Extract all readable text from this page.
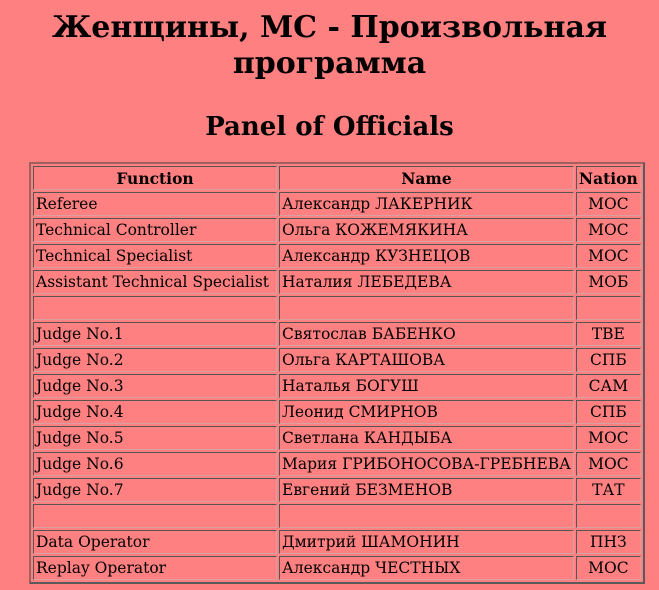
Женщины, МС - Произвольная программа
Panel of Officials
Function	Name	Nation
Referee	Александр ЛАКЕРНИК	МОС
Technical Controller	Ольга КОЖЕМЯКИНА	МОС
Technical Specialist	Александр КУЗНЕЦОВ	МОС
Assistant Technical Specialist	Наталия ЛЕБЕДЕВА	МОБ

Judge No.1	Святослав БАБЕНКО	ТВЕ
Judge No.2	Ольга КАРТАШОВА	СПБ
Judge No.3	Наталья БОГУШ	САМ
Judge No.4	Леонид СМИРНОВ	СПБ
Judge No.5	Светлана КАНДЫБА	МОС
Judge No.6	Мария ГРИБОНОСОВА-ГРЕБНЕВА	МОС
Judge No.7	Евгений БЕЗМЕНОВ	ТАТ

Data Operator	Дмитрий ШАМОНИН	ПНЗ
Replay Operator	Александр ЧЕСТНЫХ	МОС
